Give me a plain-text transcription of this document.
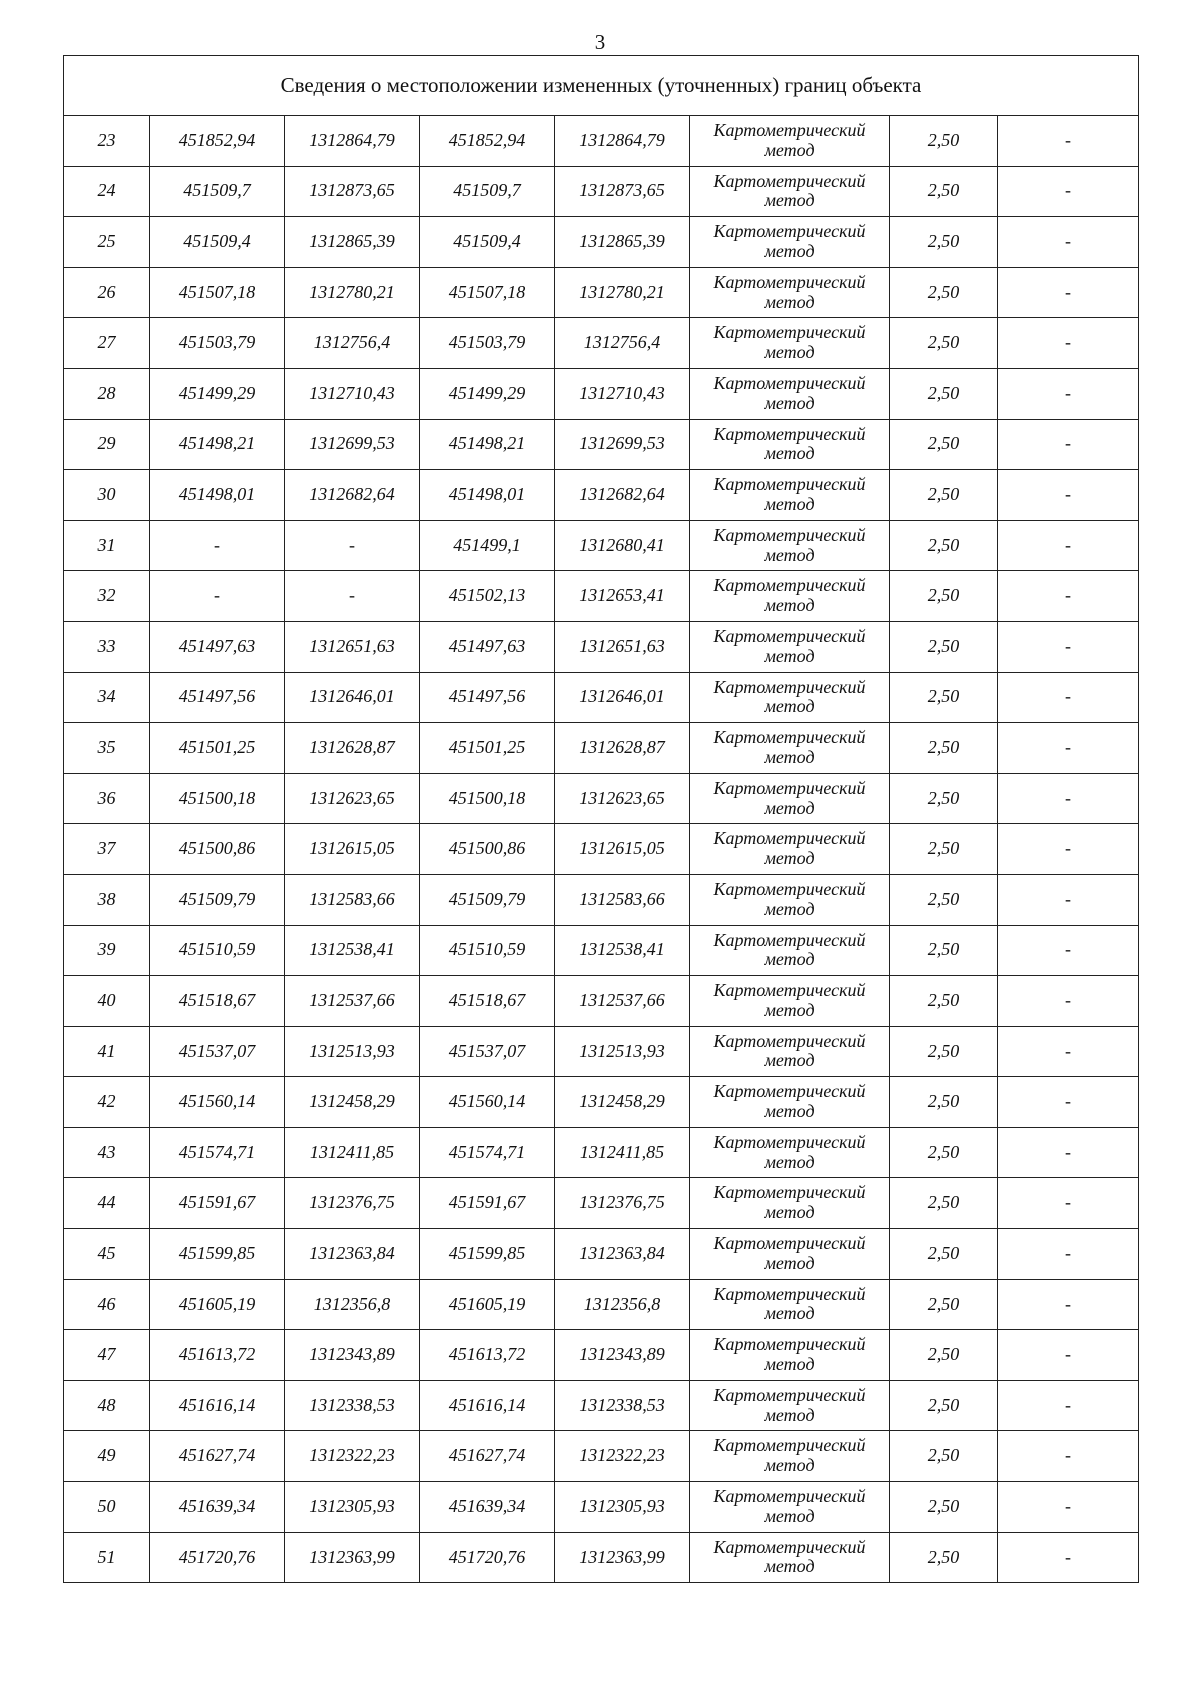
3
Сведения о местоположении измененных (уточненных) границ объекта							
23	451852,94	1312864,79	451852,94	1312864,79	Картометрический
метод	2,50	-
24	451509,7	1312873,65	451509,7	1312873,65	Картометрический
метод	2,50	-
25	451509,4	1312865,39	451509,4	1312865,39	Картометрический
метод	2,50	-
26	451507,18	1312780,21	451507,18	1312780,21	Картометрический
метод	2,50	-
27	451503,79	1312756,4	451503,79	1312756,4	Картометрический
метод	2,50	-
28	451499,29	1312710,43	451499,29	1312710,43	Картометрический
метод	2,50	-
29	451498,21	1312699,53	451498,21	1312699,53	Картометрический
метод	2,50	-
30	451498,01	1312682,64	451498,01	1312682,64	Картометрический
метод	2,50	-
31	-	-	451499,1	1312680,41	Картометрический
метод	2,50	-
32	-	-	451502,13	1312653,41	Картометрический
метод	2,50	-
33	451497,63	1312651,63	451497,63	1312651,63	Картометрический
метод	2,50	-
34	451497,56	1312646,01	451497,56	1312646,01	Картометрический
метод	2,50	-
35	451501,25	1312628,87	451501,25	1312628,87	Картометрический
метод	2,50	-
36	451500,18	1312623,65	451500,18	1312623,65	Картометрический
метод	2,50	-
37	451500,86	1312615,05	451500,86	1312615,05	Картометрический
метод	2,50	-
38	451509,79	1312583,66	451509,79	1312583,66	Картометрический
метод	2,50	-
39	451510,59	1312538,41	451510,59	1312538,41	Картометрический
метод	2,50	-
40	451518,67	1312537,66	451518,67	1312537,66	Картометрический
метод	2,50	-
41	451537,07	1312513,93	451537,07	1312513,93	Картометрический
метод	2,50	-
42	451560,14	1312458,29	451560,14	1312458,29	Картометрический
метод	2,50	-
43	451574,71	1312411,85	451574,71	1312411,85	Картометрический
метод	2,50	-
44	451591,67	1312376,75	451591,67	1312376,75	Картометрический
метод	2,50	-
45	451599,85	1312363,84	451599,85	1312363,84	Картометрический
метод	2,50	-
46	451605,19	1312356,8	451605,19	1312356,8	Картометрический
метод	2,50	-
47	451613,72	1312343,89	451613,72	1312343,89	Картометрический
метод	2,50	-
48	451616,14	1312338,53	451616,14	1312338,53	Картометрический
метод	2,50	-
49	451627,74	1312322,23	451627,74	1312322,23	Картометрический
метод	2,50	-
50	451639,34	1312305,93	451639,34	1312305,93	Картометрический
метод	2,50	-
51	451720,76	1312363,99	451720,76	1312363,99	Картометрический
метод	2,50	-
